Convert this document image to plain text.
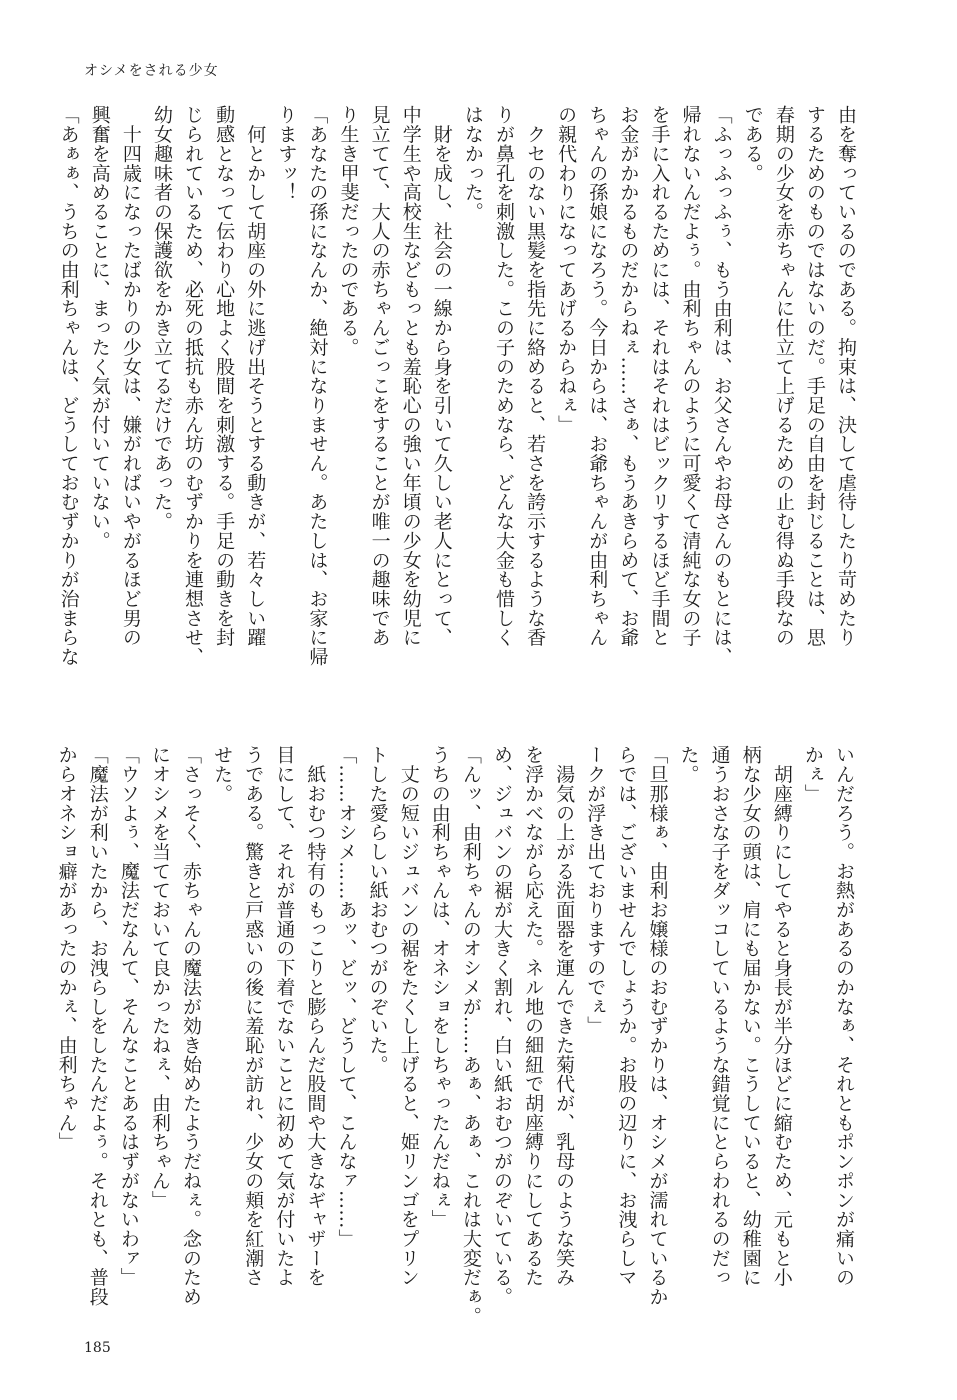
オシメをされる少女
由を奪っているのである。拘束は、決して虐待したり苛めたり
するためのものではないのだ。手足の自由を封じることは、思
春期の少女を赤ちゃんに仕立て上げるための止む得ぬ手段なの
である。
「ふっふっふぅ、もう由利は、お父さんやお母さんのもとには、
帰れないんだよぅ。由利ちゃんのように可愛くて清純な女の子
を手に入れるためには、それはそれはビックリするほど手間と
お金がかかるものだからねぇ……さぁ、もうあきらめて、お爺
ちゃんの孫娘になろう。今日からは、お爺ちゃんが由利ちゃん
の親代わりになってあげるからねぇ」
　クセのない黒髪を指先に絡めると、若さを誇示するような香
りが鼻孔を刺激した。この子のためなら、どんな大金も惜しく
はなかった。
　財を成し、社会の一線から身を引いて久しい老人にとって、
中学生や高校生などもっとも羞恥心の強い年頃の少女を幼児に
見立てて、大人の赤ちゃんごっこをすることが唯一の趣味であ
り生き甲斐だったのである。
「あなたの孫になんか、絶対になりません。あたしは、お家に帰
りますッ！
　何とかして胡座の外に逃げ出そうとする動きが、若々しい躍
動感となって伝わり心地よく股間を刺激する。手足の動きを封
じられているため、必死の抵抗も赤ん坊のむずかりを連想させ、
幼女趣味者の保護欲をかき立てるだけであった。
　十四歳になったばかりの少女は、嫌がればいやがるほど男の
興奮を高めることに、まったく気が付いていない。
「あぁぁ、うちの由利ちゃんは、どうしておむずかりが治まらな
いんだろう。お熱があるのかなぁ、それともポンポンが痛いの
かぇ」
　胡座縛りにしてやると身長が半分ほどに縮むため、元もと小
柄な少女の頭は、肩にも届かない。こうしていると、幼稚園に
通うおさな子をダッコしているような錯覚にとらわれるのだっ
た。
「旦那様ぁ、由利お嬢様のおむずかりは、オシメが濡れているか
らでは、ございませんでしょうか。お股の辺りに、お洩らしマ
ークが浮き出ておりますのでぇ」
　湯気の上がる洗面器を運んできた菊代が、乳母のような笑み
を浮かべながら応えた。ネル地の細紐で胡座縛りにしてあるた
め、ジュバンの裾が大きく割れ、白い紙おむつがのぞいている。
「んッ、由利ちゃんのオシメが……あぁ、あぁ、これは大変だぁ。
うちの由利ちゃんは、オネショをしちゃったんだねぇ」
　丈の短いジュバンの裾をたくし上げると、姫リンゴをプリン
トした愛らしい紙おむつがのぞいた。
「……オシメ……あッ、どッ、どうして、こんなァ……」
　紙おむつ特有のもっこりと膨らんだ股間や大きなギャザーを
目にして、それが普通の下着でないことに初めて気が付いたよ
うである。驚きと戸惑いの後に羞恥が訪れ、少女の頬を紅潮さ
せた。
「さっそく、赤ちゃんの魔法が効き始めたようだねぇ。念のため
にオシメを当てておいて良かったねぇ、由利ちゃん」
「ウソよぅ、魔法だなんて、そんなことあるはずがないわァ」
「魔法が利いたから、お洩らしをしたんだよぅ。それとも、普段
からオネショ癖があったのかぇ、由利ちゃん」
185
